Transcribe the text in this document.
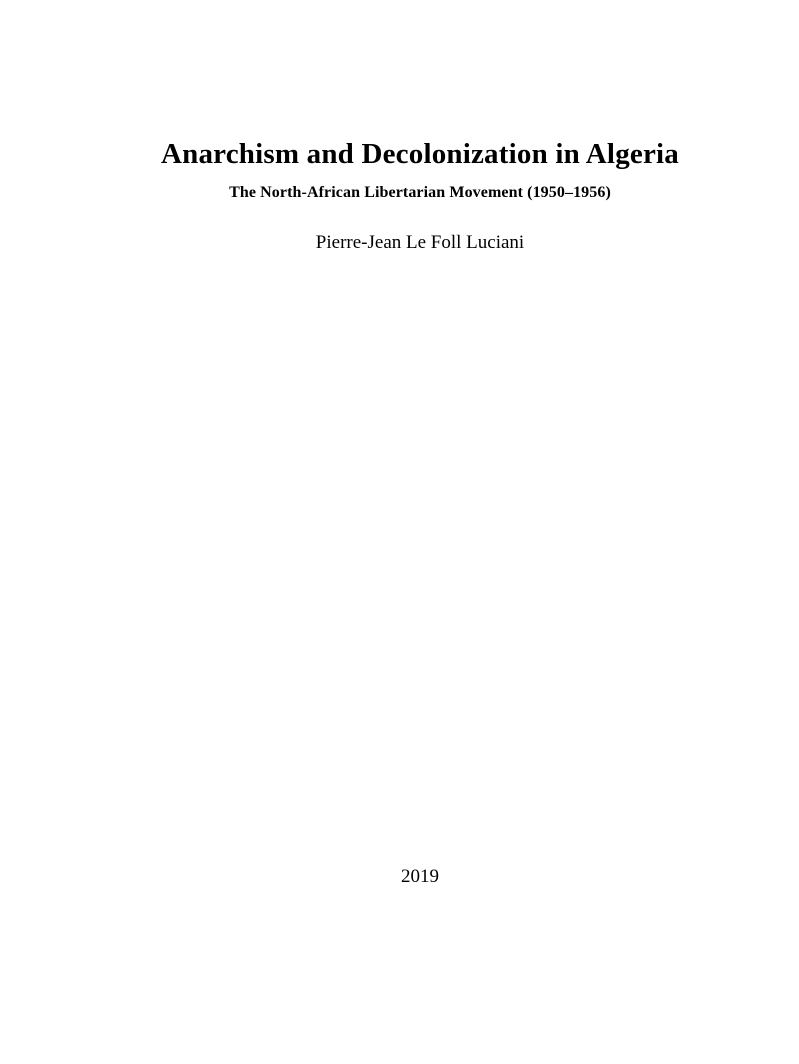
Anarchism and Decolonization in Algeria
The North-African Libertarian Movement (1950–1956)
Pierre-Jean Le Foll Luciani
2019
